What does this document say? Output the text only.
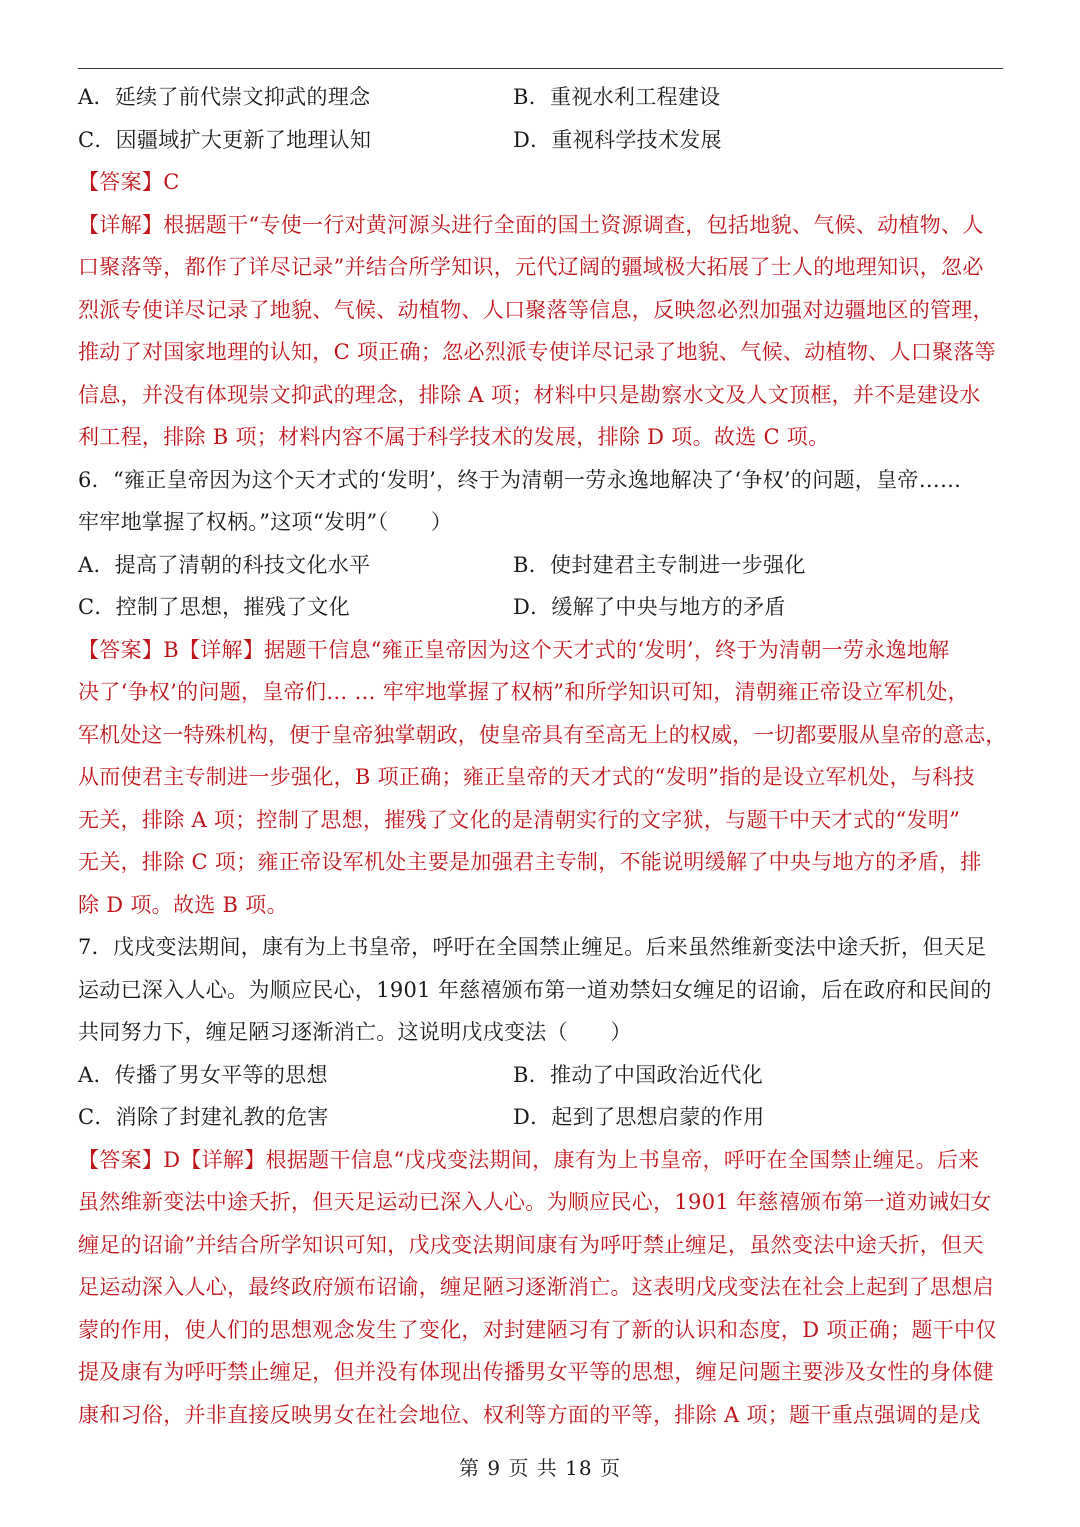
A．延续了前代崇文抑武的理念	B．重视水利工程建设
C．因疆域扩大更新了地理认知	D．重视科学技术发展
【答案】C
【详解】根据题干“专使一行对黄河源头进行全面的国土资源调查，包括地貌、气候、动植物、人
口聚落等，都作了详尽记录”并结合所学知识，元代辽阔的疆域极大拓展了士人的地理知识，忽必
烈派专使详尽记录了地貌、气候、动植物、人口聚落等信息，反映忽必烈加强对边疆地区的管理，
推动了对国家地理的认知，C 项正确；忽必烈派专使详尽记录了地貌、气候、动植物、人口聚落等
信息，并没有体现崇文抑武的理念，排除 A 项；材料中只是勘察水文及人文顶框，并不是建设水
利工程，排除 B 项；材料内容不属于科学技术的发展，排除 D 项。故选 C 项。
6．“雍正皇帝因为这个天才式的‘发明’，终于为清朝一劳永逸地解决了‘争权’的问题，皇帝……
牢牢地掌握了权柄。”这项“发明”（　　）
A．提高了清朝的科技文化水平	B．使封建君主专制进一步强化
C．控制了思想，摧残了文化	D．缓解了中央与地方的矛盾
【答案】B【详解】据题干信息“雍正皇帝因为这个天才式的‘发明’，终于为清朝一劳永逸地解
决了‘争权’的问题，皇帝们… … 牢牢地掌握了权柄”和所学知识可知，清朝雍正帝设立军机处，
军机处这一特殊机构，便于皇帝独掌朝政，使皇帝具有至高无上的权威，一切都要服从皇帝的意志，
从而使君主专制进一步强化，B 项正确；雍正皇帝的天才式的“发明”指的是设立军机处，与科技
无关，排除 A 项；控制了思想，摧残了文化的是清朝实行的文字狱，与题干中天才式的“发明”
无关，排除 C 项；雍正帝设军机处主要是加强君主专制，不能说明缓解了中央与地方的矛盾，排
除 D 项。故选 B 项。
7．戊戌变法期间，康有为上书皇帝，呼吁在全国禁止缠足。后来虽然维新变法中途夭折，但天足
运动已深入人心。为顺应民心，1901 年慈禧颁布第一道劝禁妇女缠足的诏谕，后在政府和民间的
共同努力下，缠足陋习逐渐消亡。这说明戊戌变法（　　）
A．传播了男女平等的思想	B．推动了中国政治近代化
C．消除了封建礼教的危害	D．起到了思想启蒙的作用
【答案】D【详解】根据题干信息“戊戌变法期间，康有为上书皇帝，呼吁在全国禁止缠足。后来
虽然维新变法中途夭折，但天足运动已深入人心。为顺应民心，1901 年慈禧颁布第一道劝诫妇女
缠足的诏谕”并结合所学知识可知，戊戌变法期间康有为呼吁禁止缠足，虽然变法中途夭折，但天
足运动深入人心，最终政府颁布诏谕，缠足陋习逐渐消亡。这表明戊戌变法在社会上起到了思想启
蒙的作用，使人们的思想观念发生了变化，对封建陋习有了新的认识和态度，D 项正确；题干中仅
提及康有为呼吁禁止缠足，但并没有体现出传播男女平等的思想，缠足问题主要涉及女性的身体健
康和习俗，并非直接反映男女在社会地位、权利等方面的平等，排除 A 项；题干重点强调的是戊
第 9 页 共 18 页
